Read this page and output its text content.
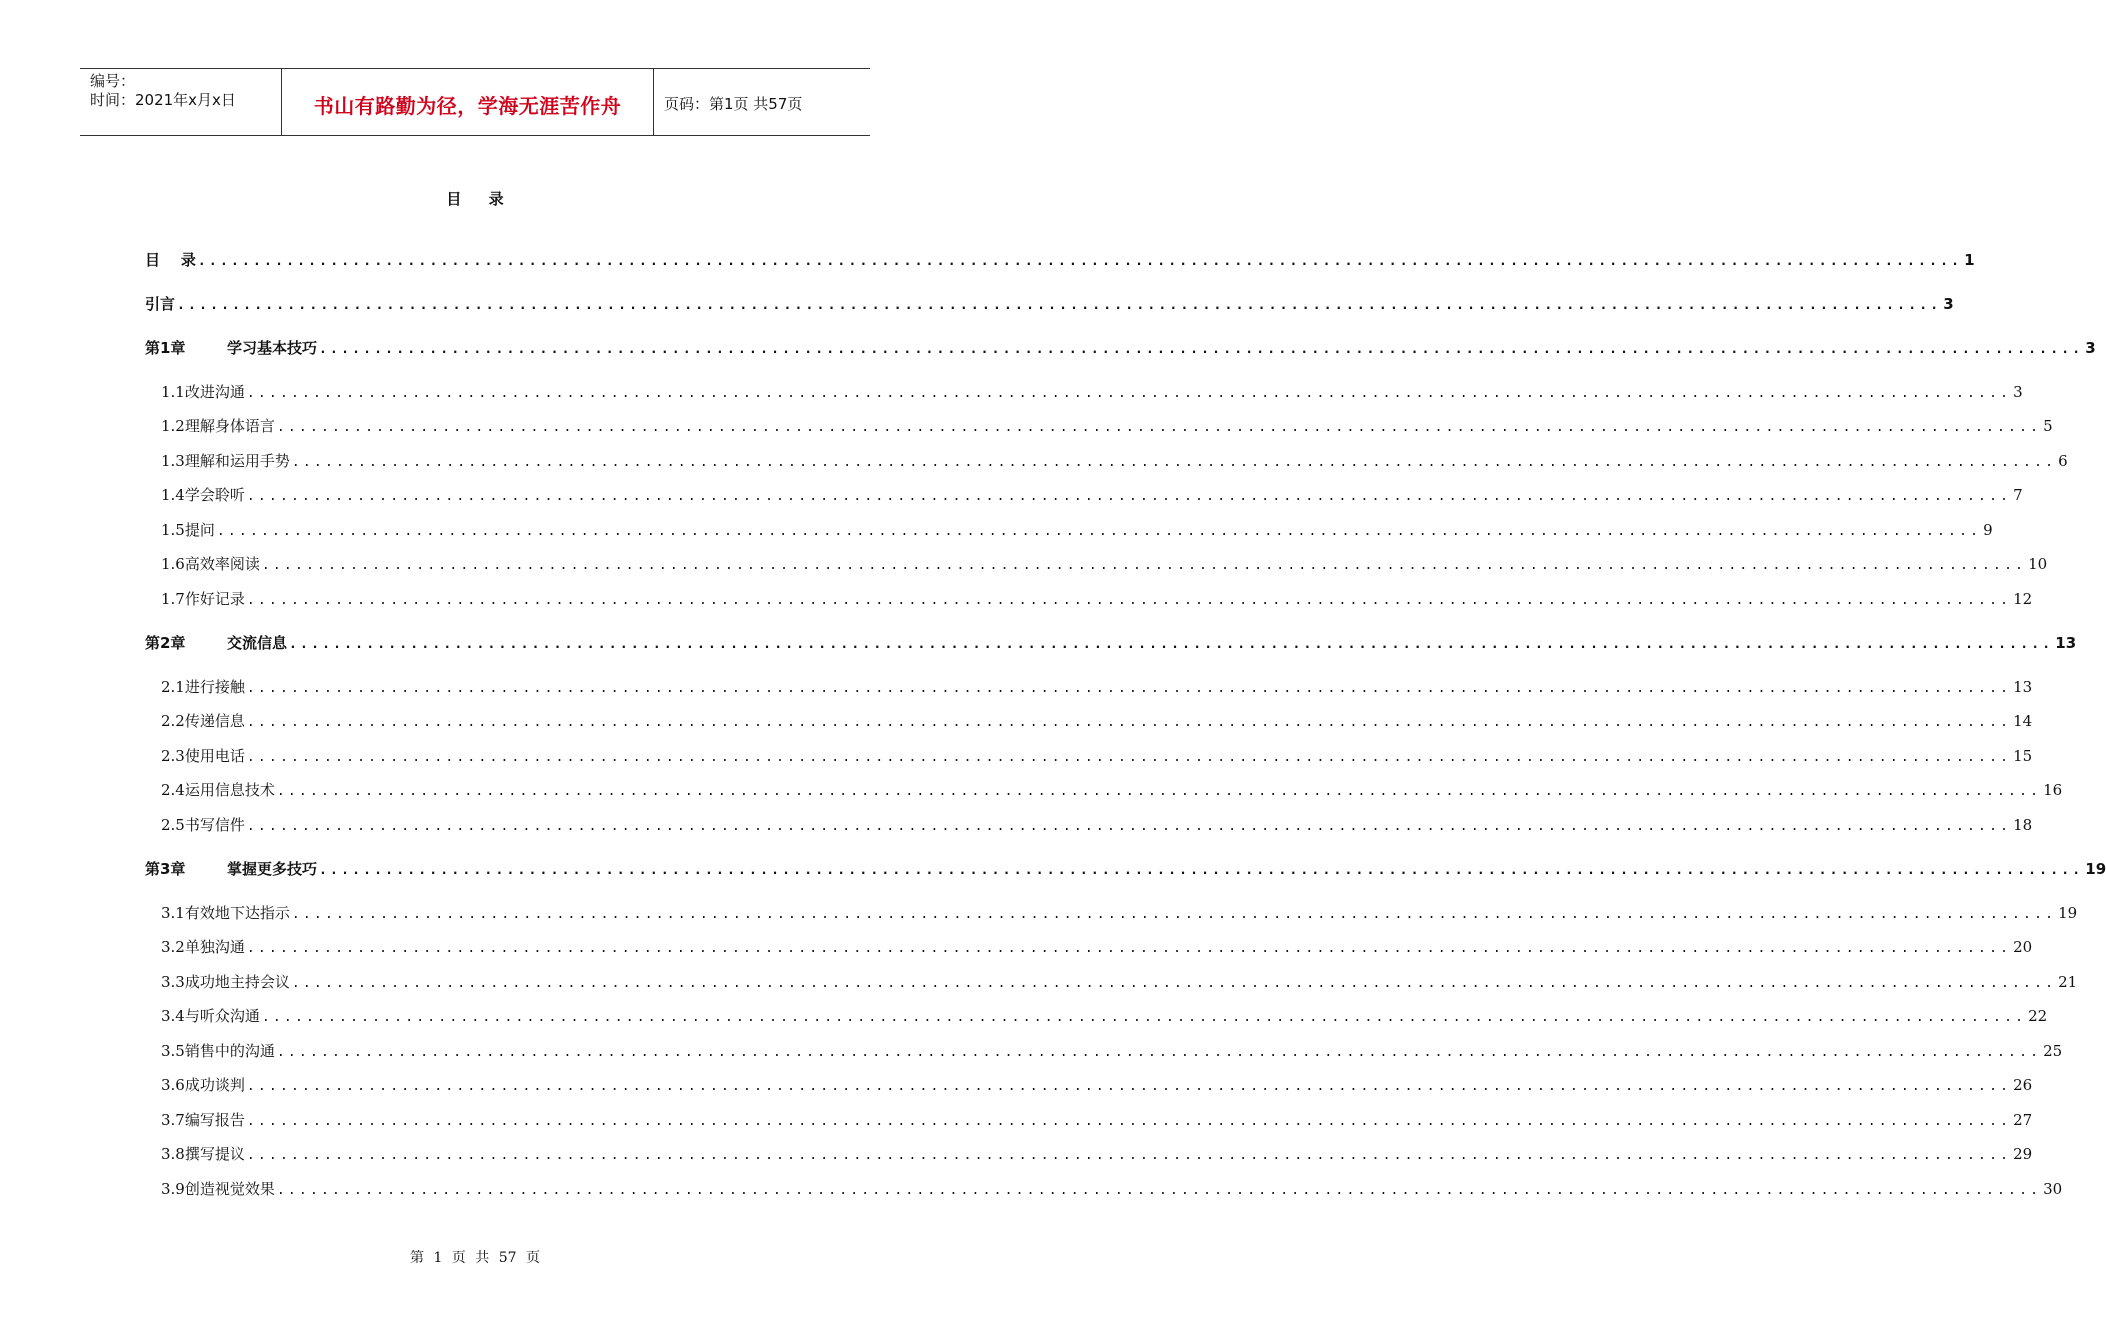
编号：
时间：2021年x月x日	书山有路勤为径，学海无涯苦作舟	页码：第1页 共57页
目 录
目    录 ................................................................................................................................................................ 1
引言 ................................................................................................................................................................ 3
第1章	学习基本技巧 ................................................................................................................................................................ 3
1.1改进沟通 ................................................................................................................................................................ 3
1.2理解身体语言 ................................................................................................................................................................ 5
1.3理解和运用手势 ................................................................................................................................................................ 6
1.4学会聆听 ................................................................................................................................................................ 7
1.5提问 ................................................................................................................................................................ 9
1.6高效率阅读 ................................................................................................................................................................ 10
1.7作好记录 ................................................................................................................................................................ 12
第2章	交流信息 ................................................................................................................................................................ 13
2.1进行接触 ................................................................................................................................................................ 13
2.2传递信息 ................................................................................................................................................................ 14
2.3使用电话 ................................................................................................................................................................ 15
2.4运用信息技术 ................................................................................................................................................................ 16
2.5书写信件 ................................................................................................................................................................ 18
第3章	掌握更多技巧 ................................................................................................................................................................ 19
3.1有效地下达指示 ................................................................................................................................................................ 19
3.2单独沟通 ................................................................................................................................................................ 20
3.3成功地主持会议 ................................................................................................................................................................ 21
3.4与听众沟通 ................................................................................................................................................................ 22
3.5销售中的沟通 ................................................................................................................................................................ 25
3.6成功谈判 ................................................................................................................................................................ 26
3.7编写报告 ................................................................................................................................................................ 27
3.8撰写提议 ................................................................................................................................................................ 29
3.9创造视觉效果 ................................................................................................................................................................ 30
第 1 页 共 57 页
